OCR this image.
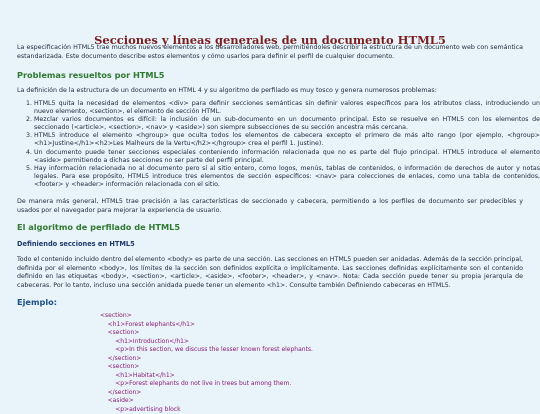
Secciones y líneas generales de un documento HTML5

La especificación HTML5 trae muchos nuevos elementos a los desarrolladores web, permitiéndoles describir la estructura de un documento web con semántica estandarizada. Este documento describe estos elementos y cómo usarlos para definir el perfil de cualquier documento.

Problemas resueltos por HTML5

La definición de la estructura de un documento en HTML 4 y su algoritmo de perfilado es muy tosco y genera numerosos problemas:

1. HTML5 quita la necesidad de elementos <div> para definir secciones semánticas sin definir valores específicos para los atributos class, introduciendo un nuevo elemento, <section>, el elemento de sección HTML.
2. Mezclar varios documentos es difícil: la inclusión de un sub-documento en un documento principal. Esto se resuelve en HTML5 con los elementos de seccionado (<article>, <section>, <nav> y <aside>) son siempre subsecciones de su sección ancestra más cercana.
3. HTML5 introduce el elemento <hgroup> que oculta todos los elementos de cabecera excepto el primero de más alto rango (por ejemplo, <hgroup><h1>Justine</h1><h2>Les Malheurs de la Vertu</h2></hgroup> crea el perfil 1. Justine).
4. Un documento puede tener secciones especiales conteniendo información relacionada que no es parte del flujo principal. HTML5 introduce el elemento <aside> permitiendo a dichas secciones no ser parte del perfil principal.
5. Hay información relacionada no al documento pero sí al sitio entero, como logos, menús, tablas de contenidos, o información de derechos de autor y notas legales. Para ese propósito, HTML5 introduce tres elementos de sección específicos: <nav> para colecciones de enlaces, como una tabla de contenidos, <footer> y <header> información relacionada con el sitio.

De manera más general, HTML5 trae precisión a las características de seccionado y cabecera, permitiendo a los perfiles de documento ser predecibles y usados por el navegador para mejorar la experiencia de usuario.

El algoritmo de perfilado de HTML5
Definiendo secciones en HTML5

Todo el contenido incluido dentro del elemento <body> es parte de una sección. Las secciones en HTML5 pueden ser anidadas. Además de la sección principal, definida por el elemento <body>, los límites de la sección son definidos explícita o implícitamente. Las secciones definidas explícitamente son el contenido definido en las etiquetas <body>, <section>, <article>, <aside>, <footer>, <header>, y <nav>. Nota: Cada sección puede tener su propia jerarquía de cabeceras. Por lo tanto, incluso una sección anidada puede tener un elemento <h1>. Consulte también Definiendo cabeceras en HTML5.

Ejemplo:
<section>
<h1>Forest elephants</h1>
<section>
<h1>Introduction</h1>
<p>In this section, we discuss the lesser known forest elephants.
</section>
<section>
<h1>Habitat</h1>
<p>Forest elephants do not live in trees but among them.
</section>
<aside>
<p>advertising block
